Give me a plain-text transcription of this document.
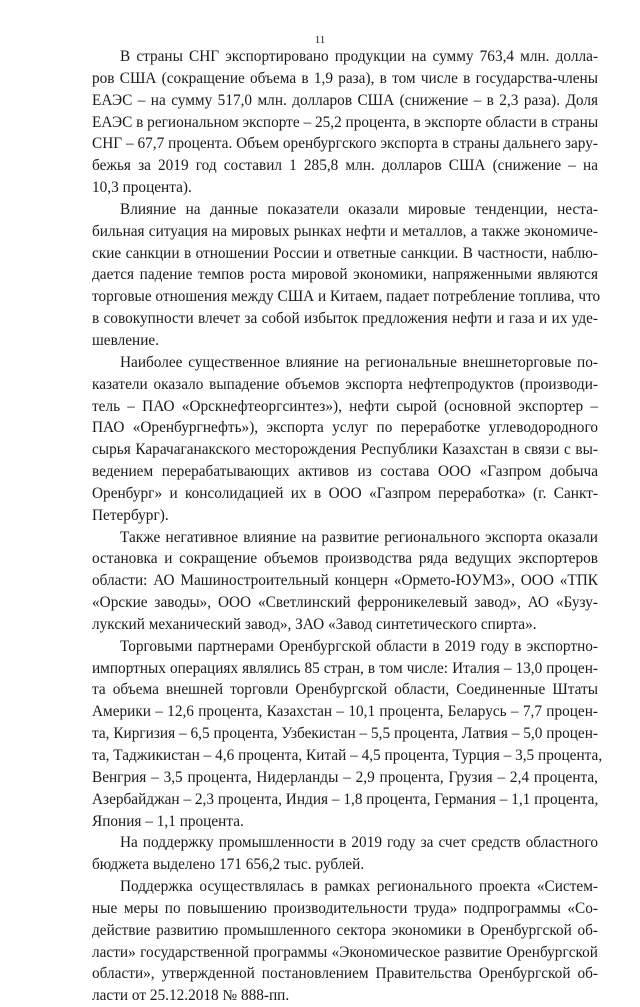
11
В страны СНГ экспортировано продукции на сумму 763,4 млн. долла-
ров США (сокращение объема в 1,9 раза), в том числе в государства-члены
ЕАЭС – на сумму 517,0 млн. долларов США (снижение – в 2,3 раза). Доля
ЕАЭС в региональном экспорте – 25,2 процента, в экспорте области в страны
СНГ – 67,7 процента. Объем оренбургского экспорта в страны дальнего зару-
бежья за 2019 год составил 1 285,8 млн. долларов США (снижение – на
10,3 процента).
Влияние на данные показатели оказали мировые тенденции, неста-
бильная ситуация на мировых рынках нефти и металлов, а также экономиче-
ские санкции в отношении России и ответные санкции. В частности, наблю-
дается падение темпов роста мировой экономики, напряженными являются
торговые отношения между США и Китаем, падает потребление топлива, что
в совокупности влечет за собой избыток предложения нефти и газа и их уде-
шевление.
Наиболее существенное влияние на региональные внешнеторговые по-
казатели оказало выпадение объемов экспорта нефтепродуктов (производи-
тель – ПАО «Орскнефтеоргсинтез»), нефти сырой (основной экспортер –
ПАО «Оренбургнефть»), экспорта услуг по переработке углеводородного
сырья Карачаганакского месторождения Республики Казахстан в связи с вы-
ведением перерабатывающих активов из состава ООО «Газпром добыча
Оренбург» и консолидацией их в ООО «Газпром переработка» (г. Санкт-
Петербург).
Также негативное влияние на развитие регионального экспорта оказали
остановка и сокращение объемов производства ряда ведущих экспортеров
области: АО Машиностроительный концерн «Ормето-ЮУМЗ», ООО «ТПК
«Орские заводы», ООО «Светлинский ферроникелевый завод», АО «Бузу-
лукский механический завод», ЗАО «Завод синтетического спирта».
Торговыми партнерами Оренбургской области в 2019 году в экспортно-
импортных операциях являлись 85 стран, в том числе: Италия – 13,0 процен-
та объема внешней торговли Оренбургской области, Соединенные Штаты
Америки – 12,6 процента, Казахстан – 10,1 процента, Беларусь – 7,7 процен-
та, Киргизия – 6,5 процента, Узбекистан – 5,5 процента, Латвия – 5,0 процен-
та, Таджикистан – 4,6 процента, Китай – 4,5 процента, Турция – 3,5 процента,
Венгрия – 3,5 процента, Нидерланды – 2,9 процента, Грузия – 2,4 процента,
Азербайджан – 2,3 процента, Индия – 1,8 процента, Германия – 1,1 процента,
Япония – 1,1 процента.
На поддержку промышленности в 2019 году за счет средств областного
бюджета выделено 171 656,2 тыс. рублей.
Поддержка осуществлялась в рамках регионального проекта «Систем-
ные меры по повышению производительности труда» подпрограммы «Со-
действие развитию промышленного сектора экономики в Оренбургской об-
ласти» государственной программы «Экономическое развитие Оренбургской
области», утвержденной постановлением Правительства Оренбургской об-
ласти от 25.12.2018 № 888-пп.
